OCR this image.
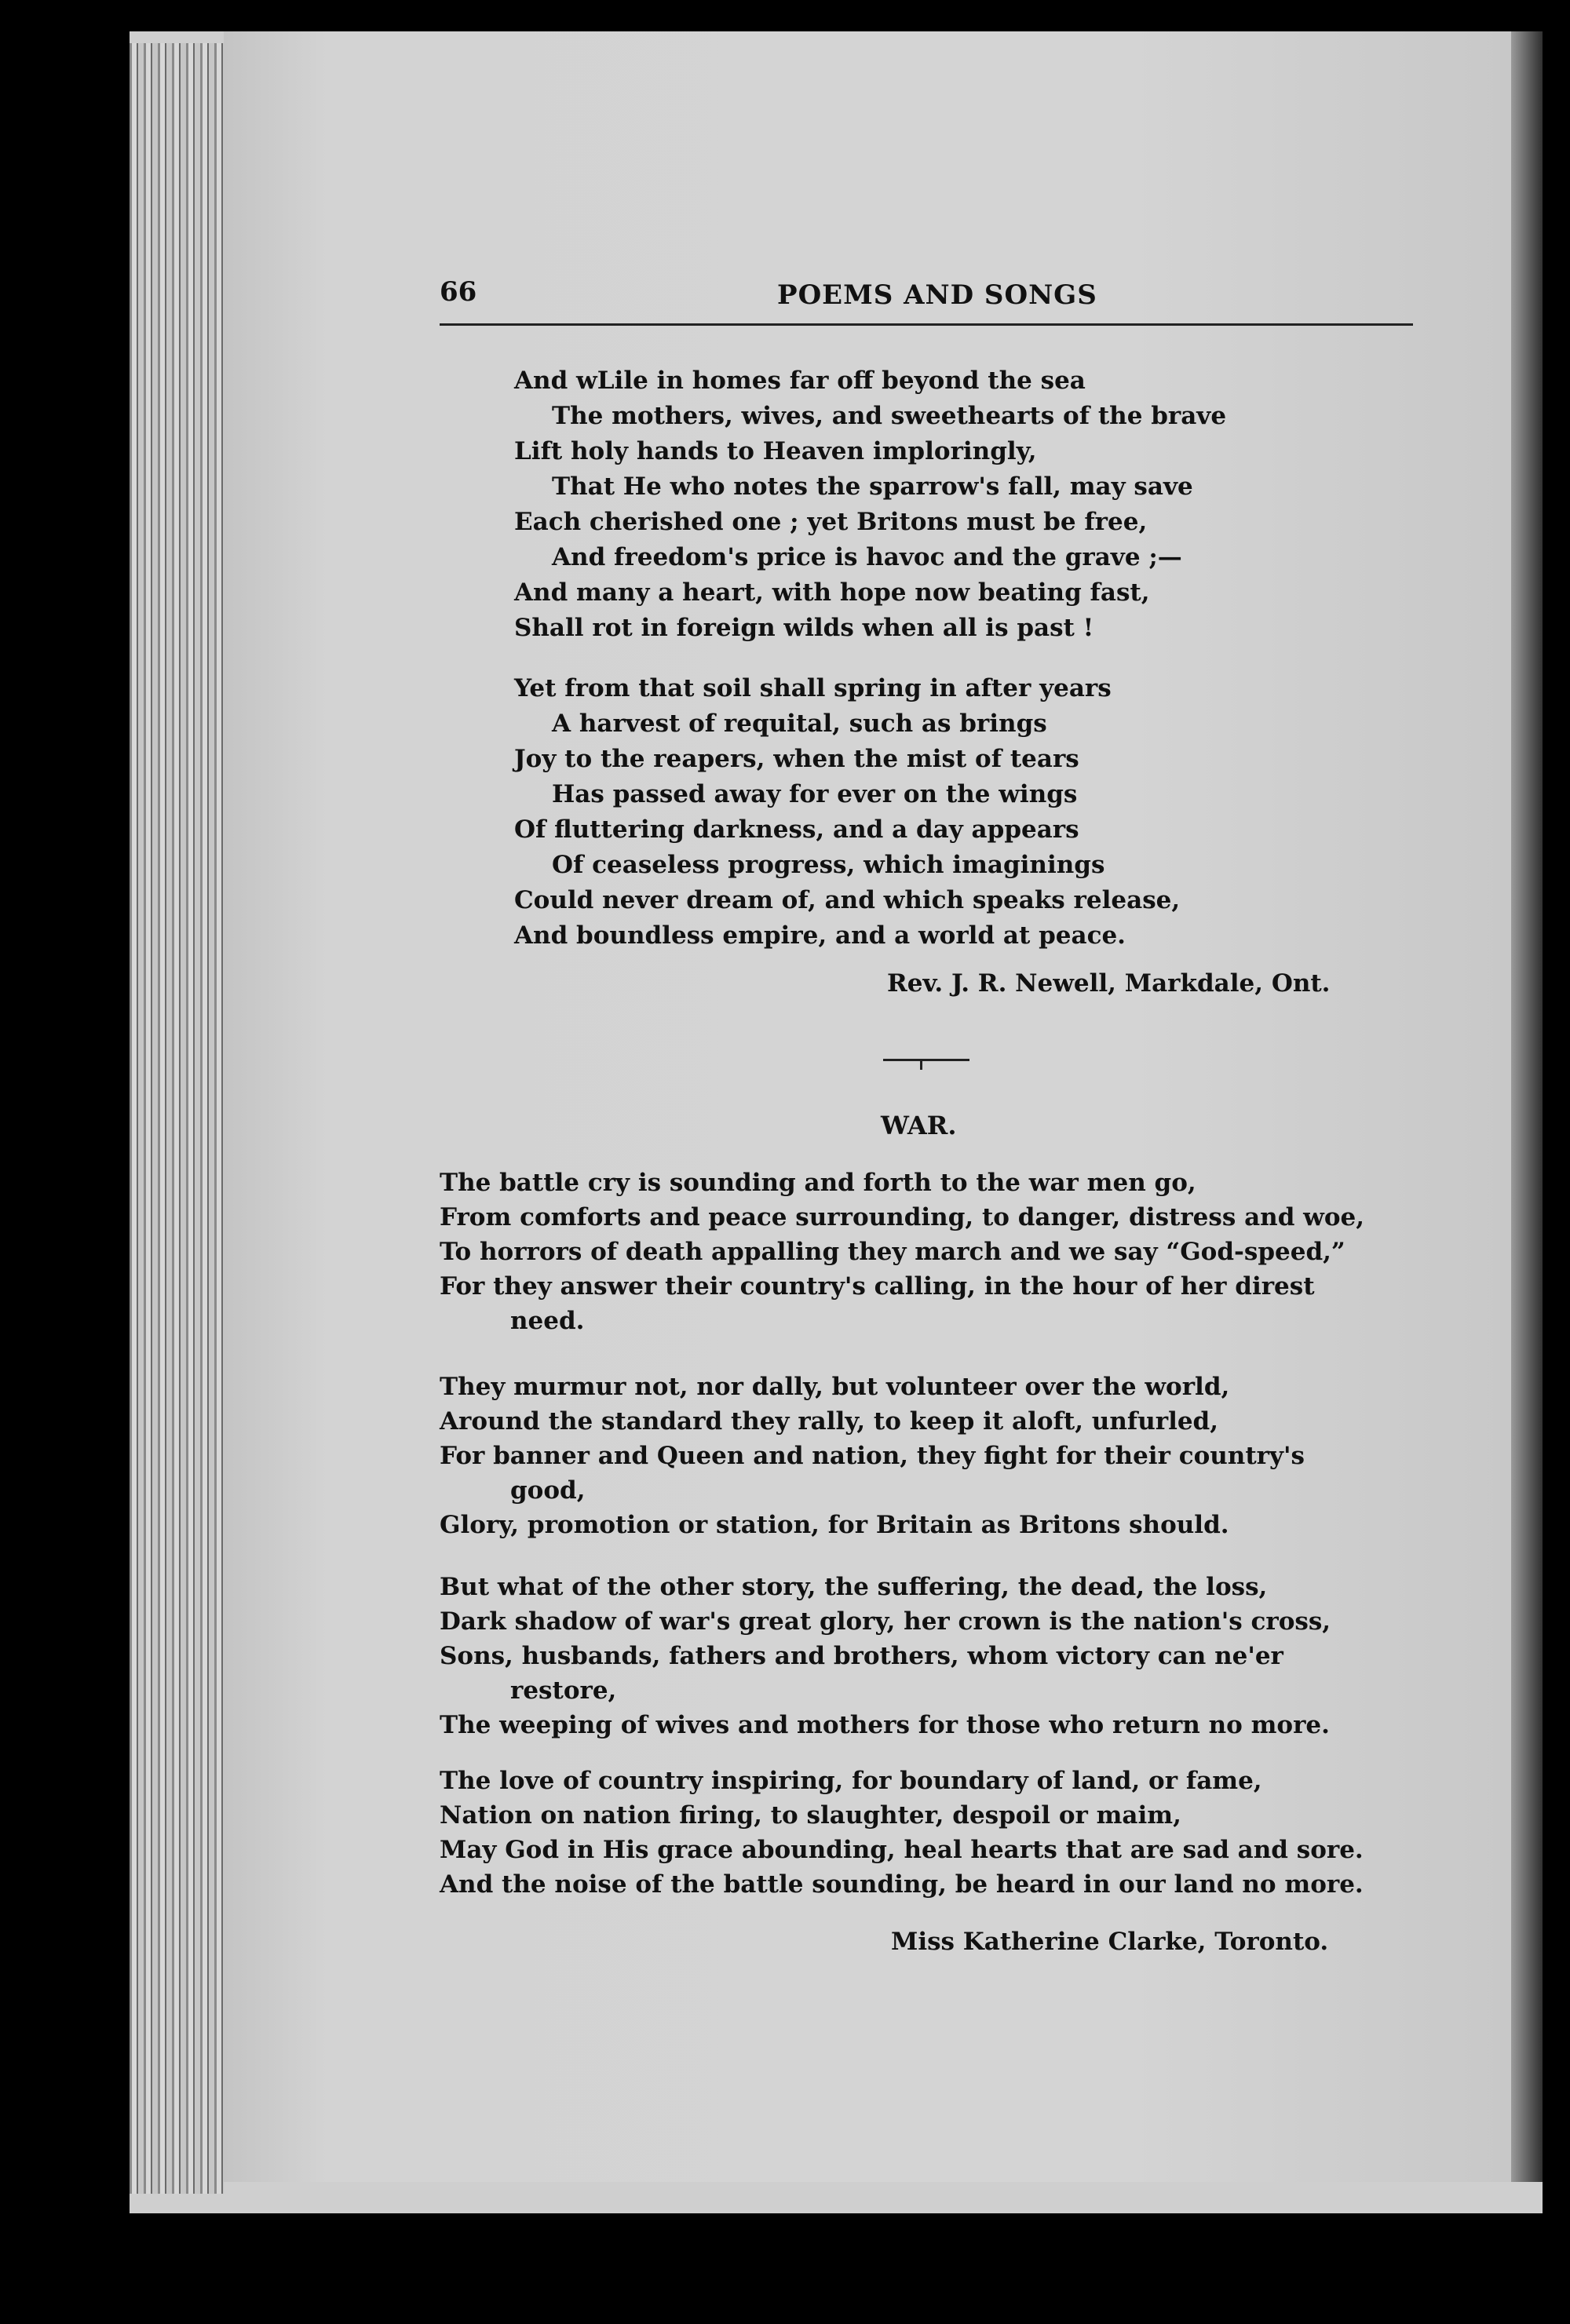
66	POEMS AND SONGS
And wLile in homes far off beyond the sea
The mothers, wives, and sweethearts of the brave
Lift holy hands to Heaven imploringly,
That He who notes the sparrow's fall, may save
Each cherished one ; yet Britons must be free,
And freedom's price is havoc and the grave ;—
And many a heart, with hope now beating fast,
Shall rot in foreign wilds when all is past !
Yet from that soil shall spring in after years
A harvest of requital, such as brings
Joy to the reapers, when the mist of tears
Has passed away for ever on the wings
Of fluttering darkness, and a day appears
Of ceaseless progress, which imaginings
Could never dream of, and which speaks release,
And boundless empire, and a world at peace.
Rev. J. R. Newell, Markdale, Ont.
WAR.
The battle cry is sounding and forth to the war men go,
From comforts and peace surrounding, to danger, distress and woe,
To horrors of death appalling they march and we say “God-speed,”
For they answer their country's calling, in the hour of her direst
need.
They murmur not, nor dally, but volunteer over the world,
Around the standard they rally, to keep it aloft, unfurled,
For banner and Queen and nation, they fight for their country's
good,
Glory, promotion or station, for Britain as Britons should.
But what of the other story, the suffering, the dead, the loss,
Dark shadow of war's great glory, her crown is the nation's cross,
Sons, husbands, fathers and brothers, whom victory can ne'er
restore,
The weeping of wives and mothers for those who return no more.
The love of country inspiring, for boundary of land, or fame,
Nation on nation firing, to slaughter, despoil or maim,
May God in His grace abounding, heal hearts that are sad and sore.
And the noise of the battle sounding, be heard in our land no more.
Miss Katherine Clarke, Toronto.
